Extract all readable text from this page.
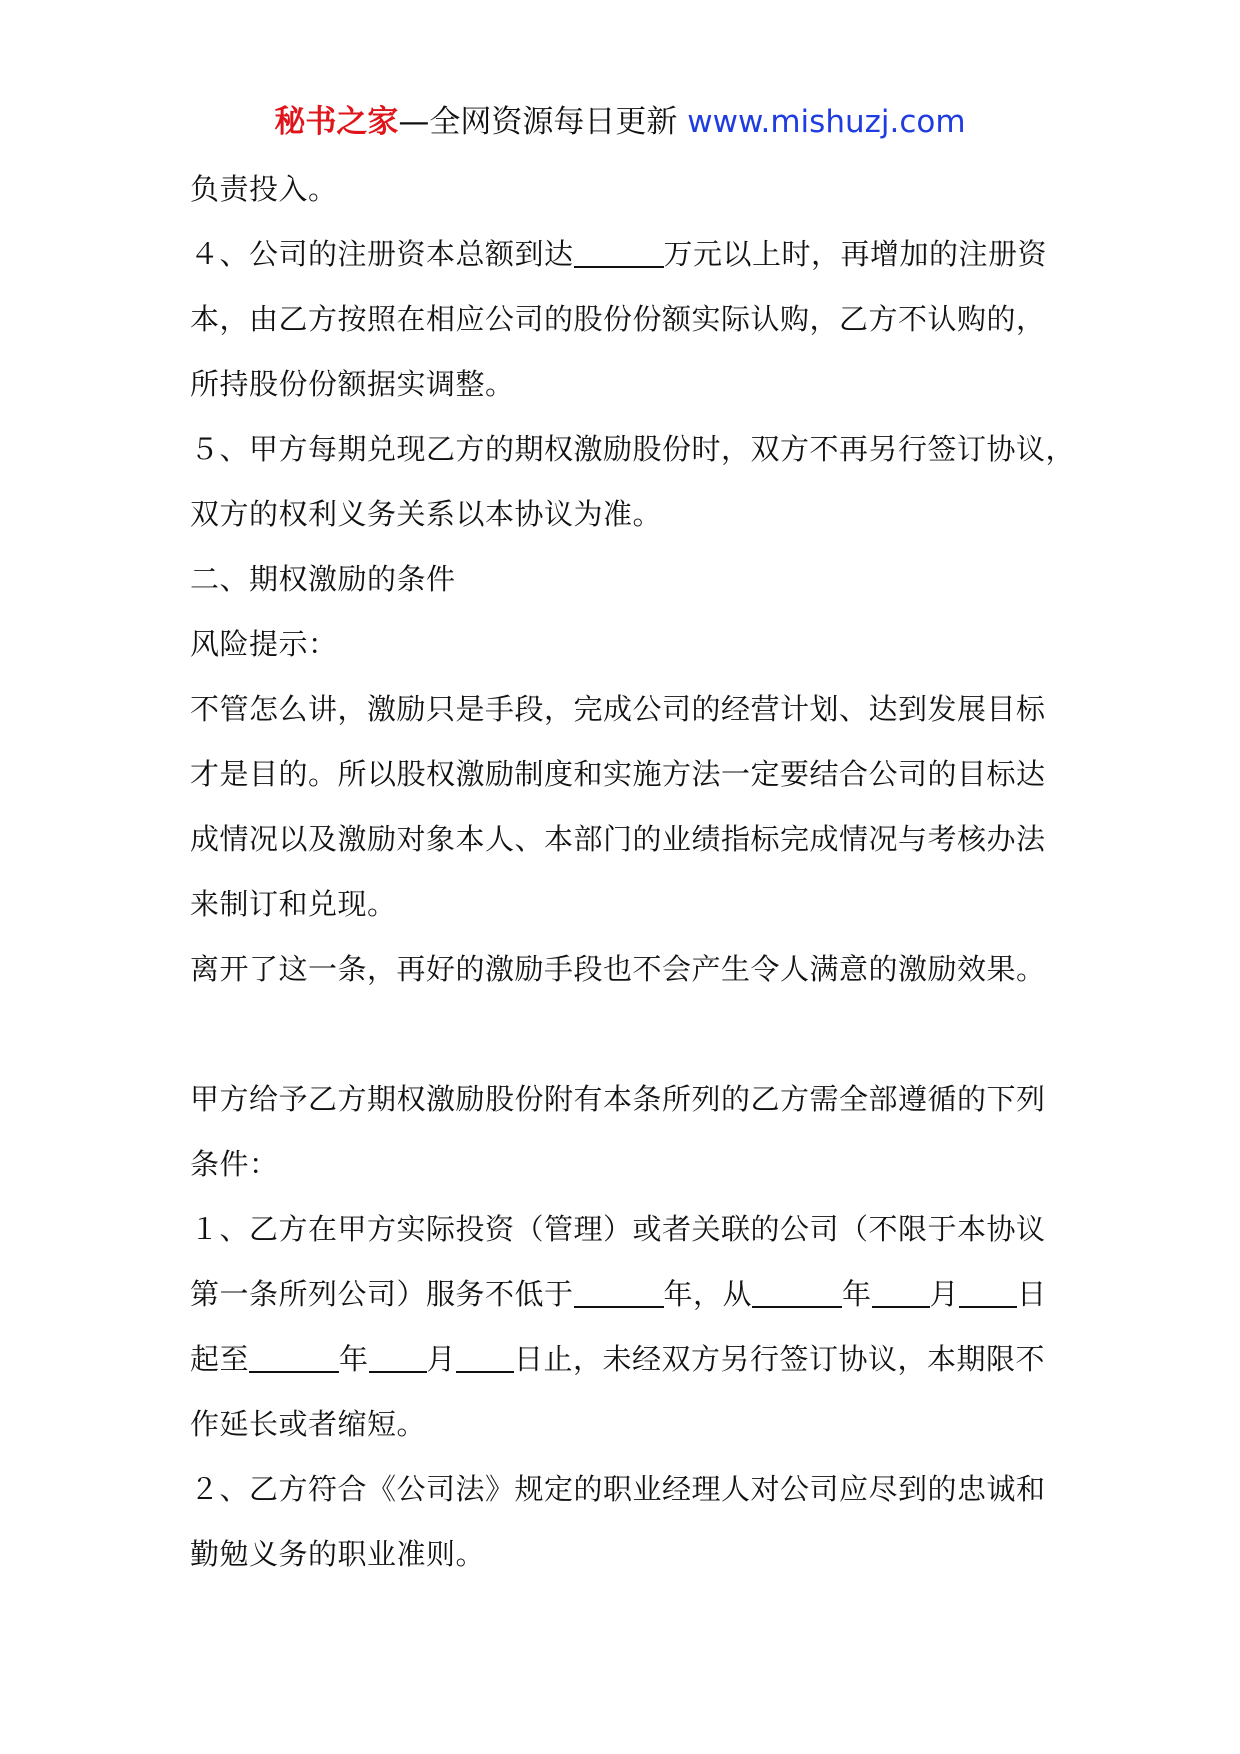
秘书之家—全网资源每日更新 www.mishuzj.com
负责投入。
４、公司的注册资本总额到达	万元以上时，再增加的注册资
本，由乙方按照在相应公司的股份份额实际认购，乙方不认购的，
所持股份份额据实调整。
５、甲方每期兑现乙方的期权激励股份时，双方不再另行签订协议，
双方的权利义务关系以本协议为准。
二、期权激励的条件
风险提示：
不管怎么讲，激励只是手段，完成公司的经营计划、达到发展目标
才是目的。所以股权激励制度和实施方法一定要结合公司的目标达
成情况以及激励对象本人、本部门的业绩指标完成情况与考核办法
来制订和兑现。
离开了这一条，再好的激励手段也不会产生令人满意的激励效果。
甲方给予乙方期权激励股份附有本条所列的乙方需全部遵循的下列
条件：
１、乙方在甲方实际投资（管理）或者关联的公司（不限于本协议
第一条所列公司）服务不低于	年，从	年 月 日
起至	年 月 日止，未经双方另行签订协议，本期限不
作延长或者缩短。
２、乙方符合《公司法》规定的职业经理人对公司应尽到的忠诚和
勤勉义务的职业准则。
